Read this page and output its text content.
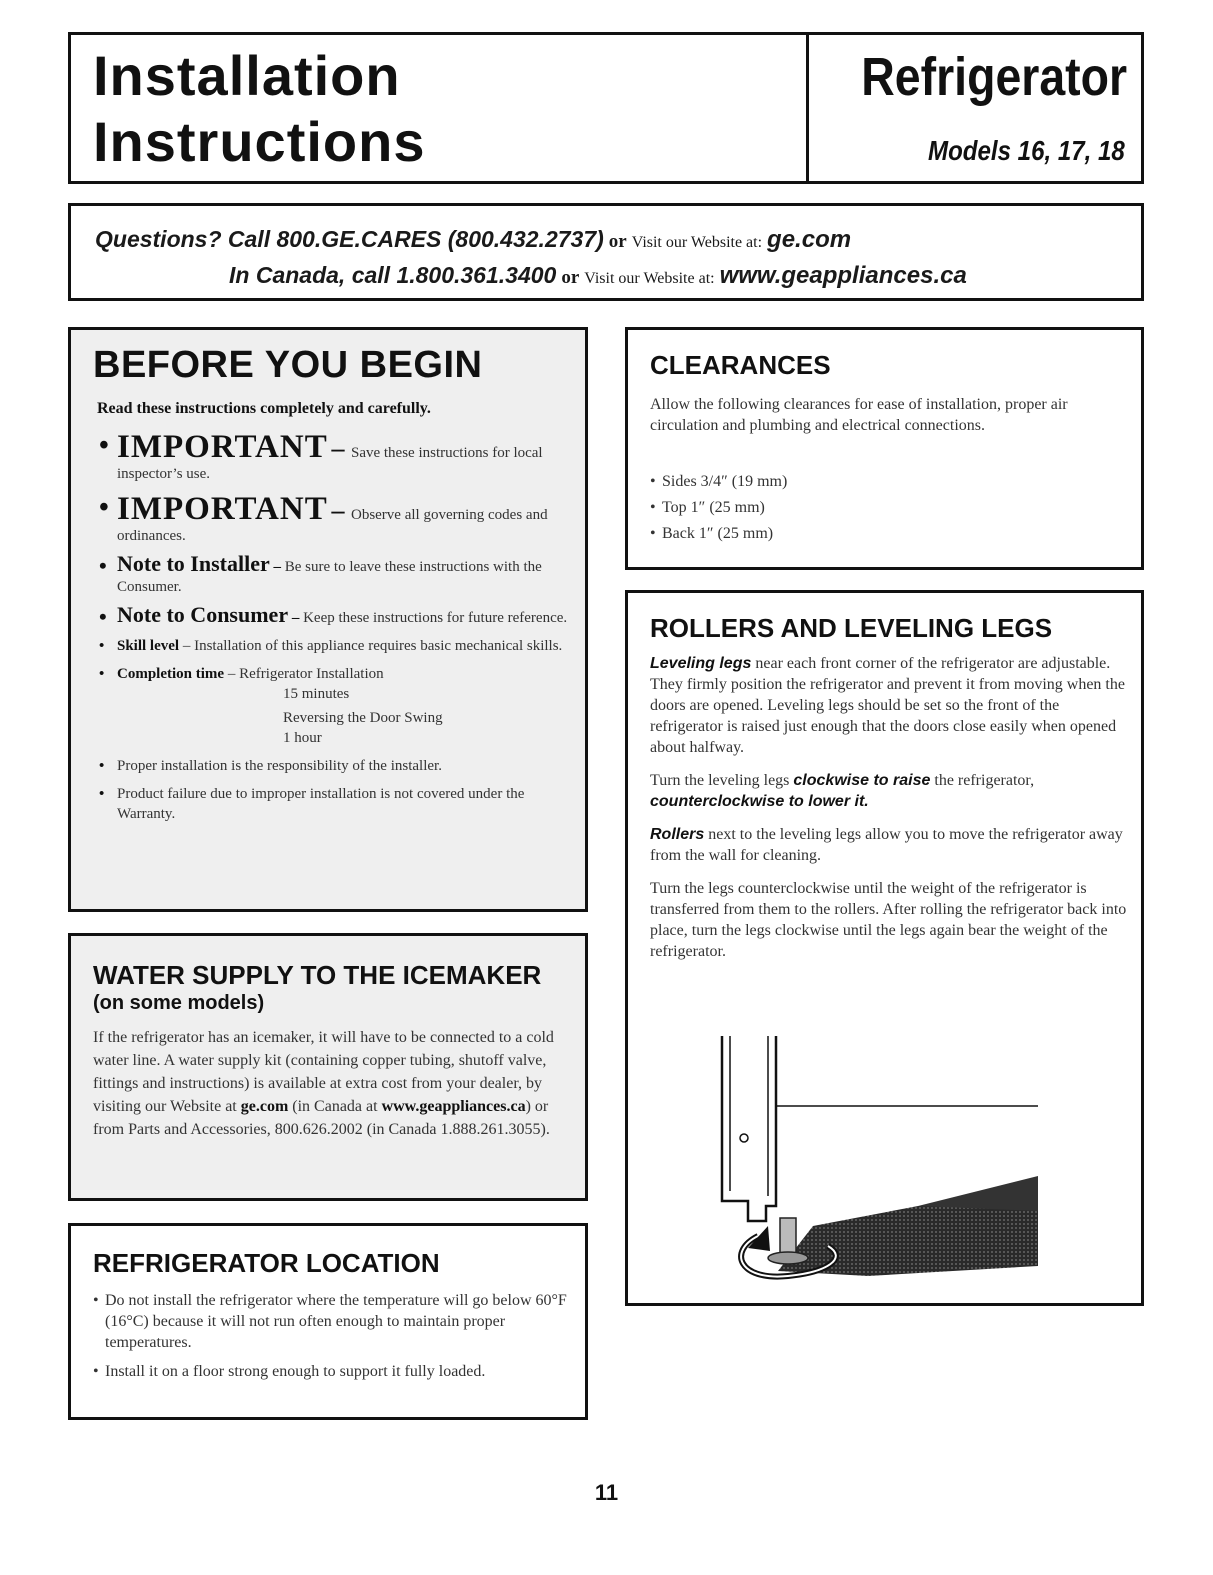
Installation
Instructions
Refrigerator
Models 16, 17, 18
Questions? Call 800.GE.CARES (800.432.2737) or Visit our Website at: ge.com
In Canada, call 1.800.361.3400 or Visit our Website at: www.geappliances.ca
BEFORE YOU BEGIN
Read these instructions completely and carefully.
• IMPORTANT – Save these instructions for local inspector’s use.
• IMPORTANT – Observe all governing codes and ordinances.
• Note to Installer – Be sure to leave these instructions with the Consumer.
• Note to Consumer – Keep these instructions for future reference.
• Skill level – Installation of this appliance requires basic mechanical skills.
• Completion time – Refrigerator Installation
15 minutes
Reversing the Door Swing
1 hour
• Proper installation is the responsibility of the installer.
• Product failure due to improper installation is not covered under the Warranty.
WATER SUPPLY TO THE ICEMAKER
(on some models)
If the refrigerator has an icemaker, it will have to be connected to a cold water line. A water supply kit (containing copper tubing, shutoff valve, fittings and instructions) is available at extra cost from your dealer, by visiting our Website at ge.com (in Canada at www.geappliances.ca) or from Parts and Accessories, 800.626.2002 (in Canada 1.888.261.3055).
REFRIGERATOR LOCATION
• Do not install the refrigerator where the temperature will go below 60°F (16°C) because it will not run often enough to maintain proper temperatures.
• Install it on a floor strong enough to support it fully loaded.
CLEARANCES
Allow the following clearances for ease of installation, proper air circulation and plumbing and electrical connections.
• Sides 3/4″ (19 mm)
• Top 1″ (25 mm)
• Back 1″ (25 mm)
ROLLERS AND LEVELING LEGS

Leveling legs near each front corner of the refrigerator are adjustable. They firmly position the refrigerator and prevent it from moving when the doors are opened. Leveling legs should be set so the front of the refrigerator is raised just enough that the doors close easily when opened about halfway.

Turn the leveling legs clockwise to raise the refrigerator, counterclockwise to lower it.

Rollers next to the leveling legs allow you to move the refrigerator away from the wall for cleaning.

Turn the legs counterclockwise until the weight of the refrigerator is transferred from them to the rollers. After rolling the refrigerator back into place, turn the legs clockwise until the legs again bear the weight of the refrigerator.

11
